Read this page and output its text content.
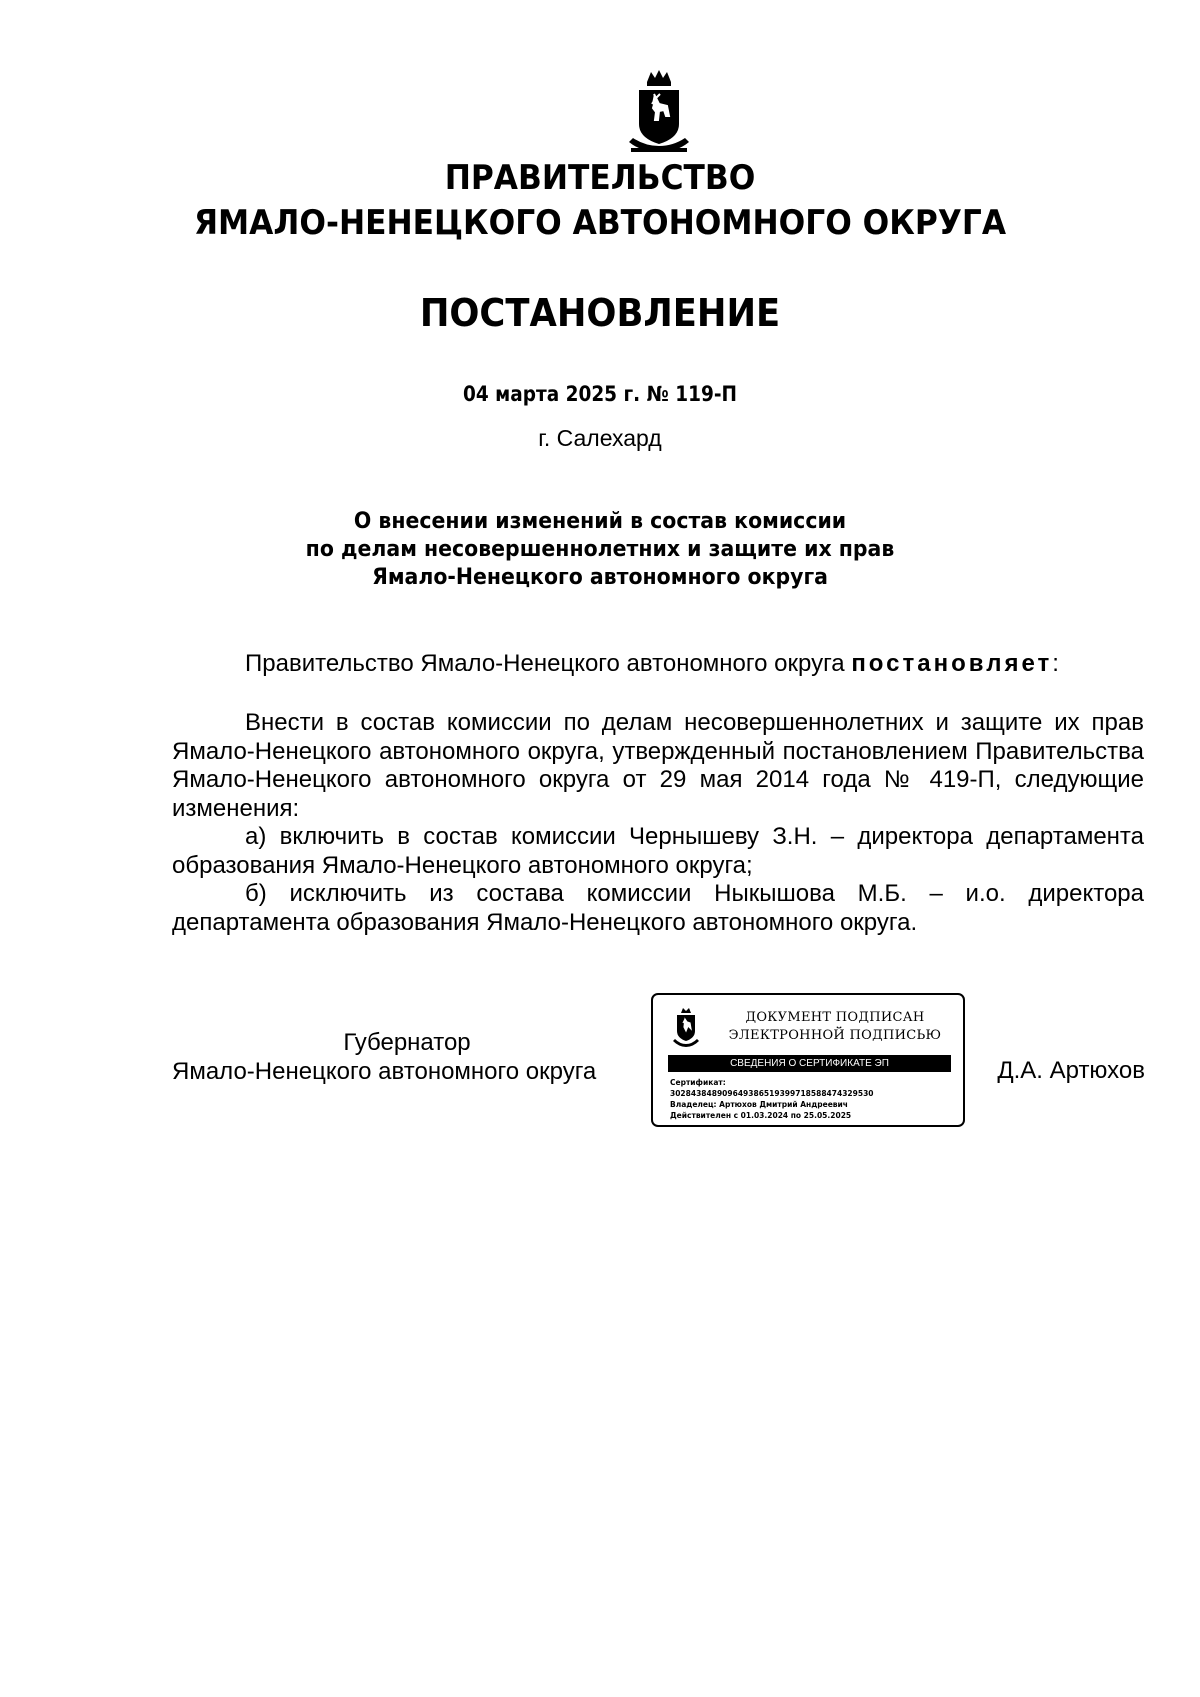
ПРАВИТЕЛЬСТВО
ЯМАЛО-НЕНЕЦКОГО АВТОНОМНОГО ОКРУГА
ПОСТАНОВЛЕНИЕ
04 марта 2025 г. № 119-П
г. Салехард
О внесении изменений в состав комиссии
по делам несовершеннолетних и защите их прав
Ямало-Ненецкого автономного округа

Правительство Ямало-Ненецкого автономного округа постановляет:

Внести в состав комиссии по делам несовершеннолетних и защите их прав Ямало-Ненецкого автономного округа, утвержденный постановлением Правительства Ямало-Ненецкого автономного округа от 29 мая 2014 года № 419-П, следующие изменения:

а) включить в состав комиссии Чернышеву З.Н. – директора департамента образования Ямало-Ненецкого автономного округа;

б) исключить из состава комиссии Ныкышова М.Б. – и.о. директора департамента образования Ямало-Ненецкого автономного округа.

Губернатор
Ямало-Ненецкого автономного округа
ДОКУМЕНТ ПОДПИСАН
ЭЛЕКТРОННОЙ ПОДПИСЬЮ
СВЕДЕНИЯ О СЕРТИФИКАТЕ ЭП
Сертификат:
302843848909649386519399718588474329530
Владелец: Артюхов Дмитрий Андреевич
Действителен с 01.03.2024 по 25.05.2025
Д.А. Артюхов
